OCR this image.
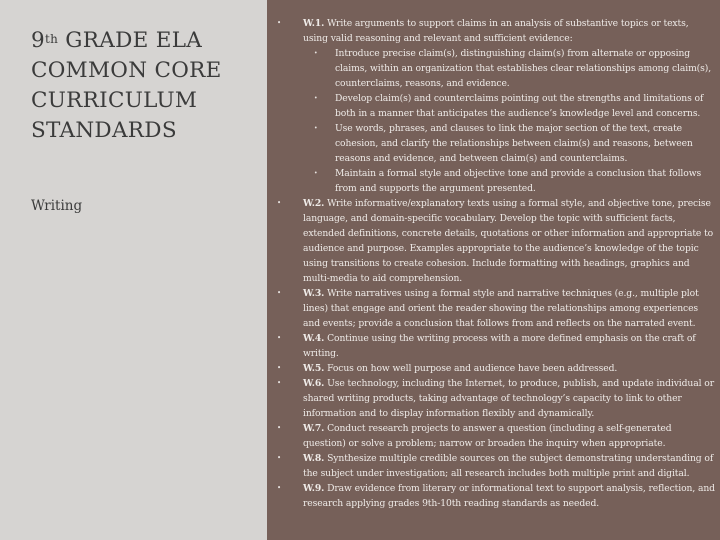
9th GRADE ELA
COMMON CORE
CURRICULUM
STANDARDS
Writing
• W.1. Write arguments to support claims in an analysis of substantive topics or texts, using valid reasoning and relevant and sufficient evidence:
• Introduce precise claim(s), distinguishing claim(s) from alternate or opposing claims, within an organization that establishes clear relationships among claim(s), counterclaims, reasons, and evidence.
• Develop claim(s) and counterclaims pointing out the strengths and limitations of both in a manner that anticipates the audience’s knowledge level and concerns.
• Use words, phrases, and clauses to link the major section of the text, create cohesion, and clarify the relationships between claim(s) and reasons, between reasons and evidence, and between claim(s) and counterclaims.
• Maintain a formal style and objective tone and provide a conclusion that follows from and supports the argument presented.
• W.2. Write informative/explanatory texts using a formal style, and objective tone, precise language, and domain-specific vocabulary. Develop the topic with sufficient facts, extended definitions, concrete details, quotations or other information and appropriate to audience and purpose. Examples appropriate to the audience’s knowledge of the topic using transitions to create cohesion. Include formatting with headings, graphics and multi-media to aid comprehension.
• W.3. Write narratives using a formal style and narrative techniques (e.g., multiple plot lines) that engage and orient the reader showing the relationships among experiences and events; provide a conclusion that follows from and reflects on the narrated event.
• W.4. Continue using the writing process with a more defined emphasis on the craft of writing.
• W.5. Focus on how well purpose and audience have been addressed.
• W.6. Use technology, including the Internet, to produce, publish, and update individual or shared writing products, taking advantage of technology’s capacity to link to other information and to display information flexibly and dynamically.
• W.7. Conduct research projects to answer a question (including a self-generated question) or solve a problem; narrow or broaden the inquiry when appropriate.
• W.8. Synthesize multiple credible sources on the subject demonstrating understanding of the subject under investigation; all research includes both multiple print and digital.
• W.9. Draw evidence from literary or informational text to support analysis, reflection, and research applying grades 9th-10th reading standards as needed.
